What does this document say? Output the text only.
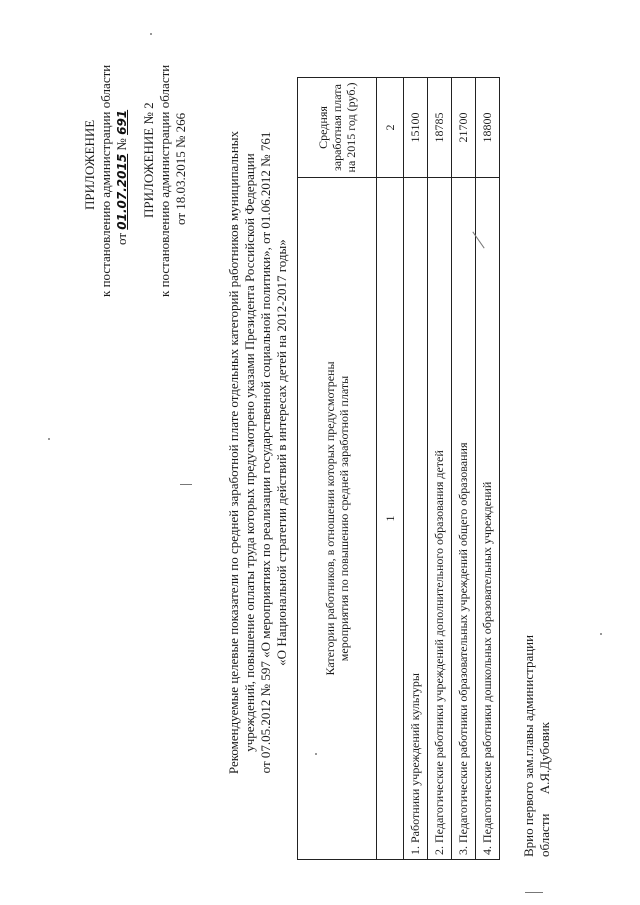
ПРИЛОЖЕНИЕ к постановлению администрации области от 01.07.2015 № 691 ПРИЛОЖЕНИЕ № 2 к постановлению администрации области от 18.03.2015 № 266	Рекомендуемые целевые показатели по средней заработной плате отдельных категорий работников муниципальных учреждений, повышение оплаты труда которых предусмотрено указами Президента Российской Федерации от 07.05.2012 № 597 «О мероприятиях по реализации государственной социальной политики», от 01.06.2012 № 761 «О Национальной стратегии действий в интересах детей на 2012-2017 годы»	Категории работников, в отношении которых предусмотрены мероприятия по повышению средней заработной платы	Средняя заработная плата на 2015 год (руб.)
1	2
1. Работники учреждений культуры	15100
2. Педагогические работники учреждений дополнительного образования детей	18785
3. Педагогические работники образовательных учреждений общего образования	21700
4. Педагогические работники дошкольных образовательных учреждений	18800
Врио первого зам.главы администрации области А.Я.Дубовик
